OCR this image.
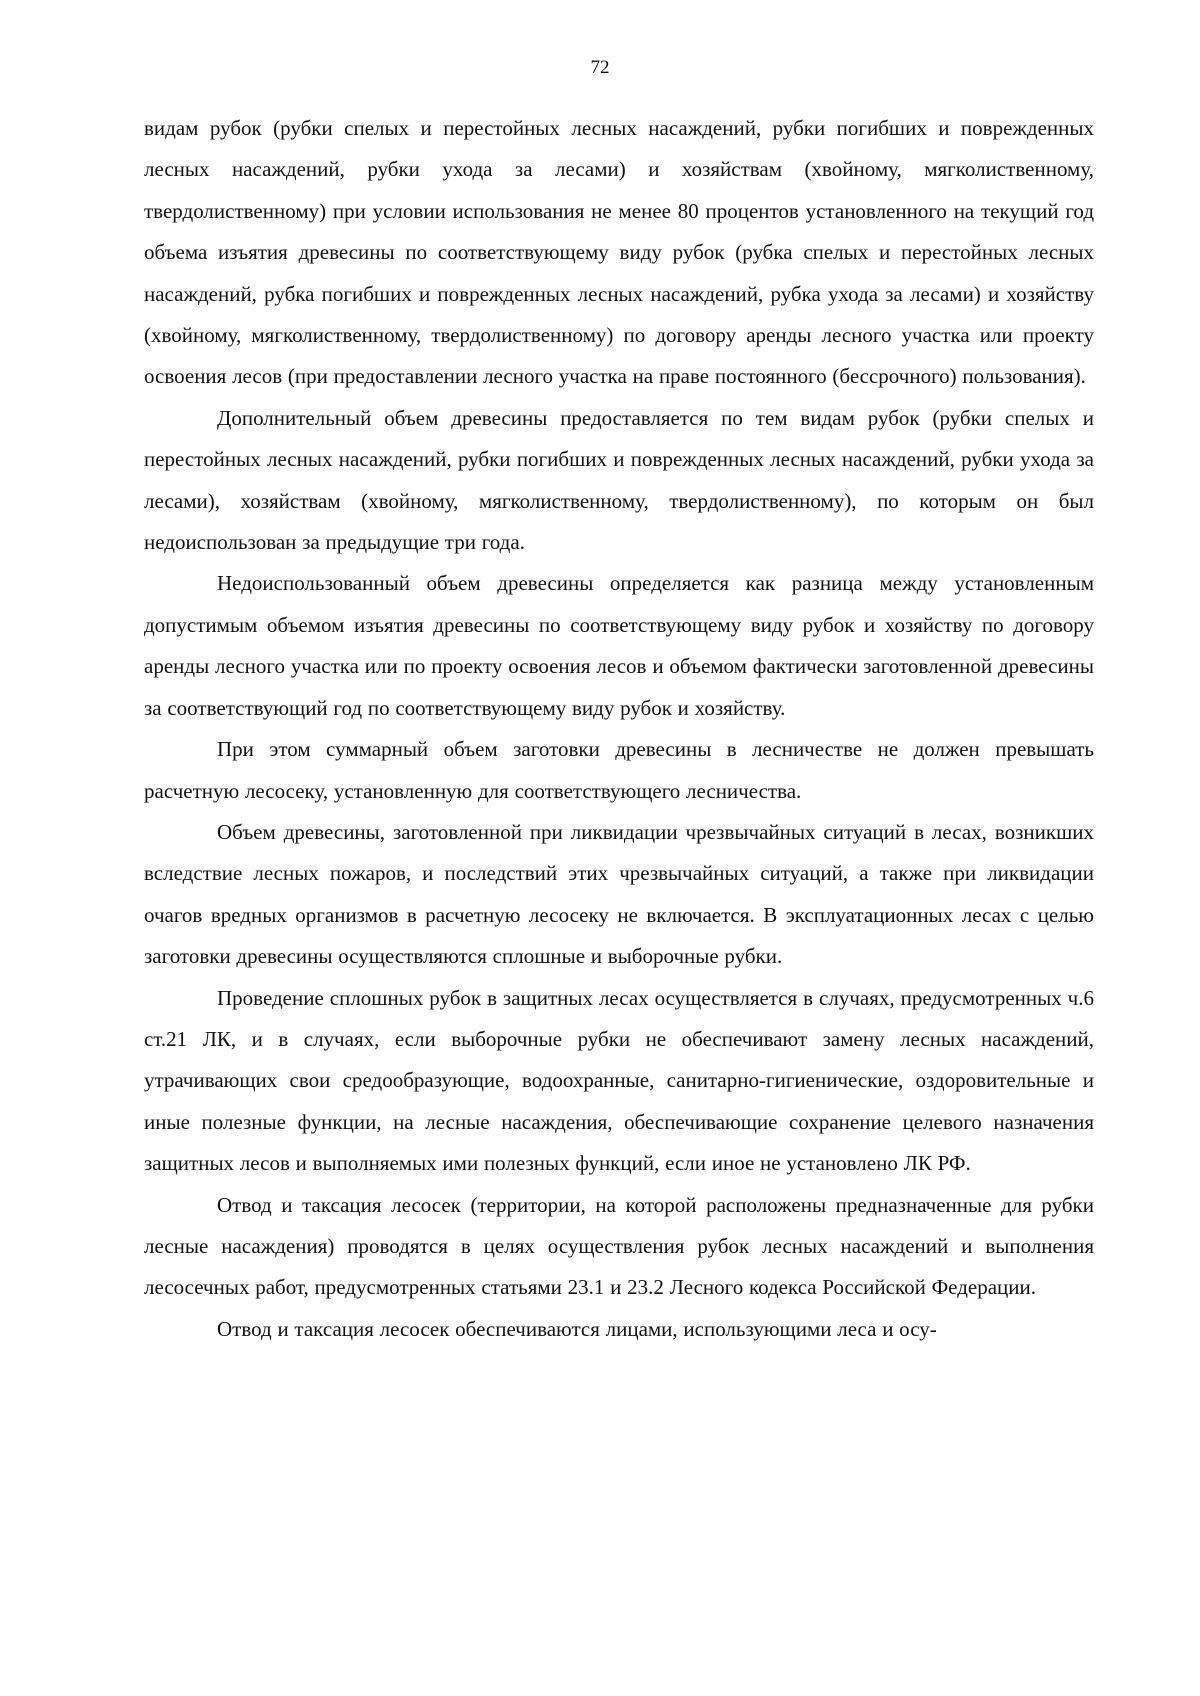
72

видам рубок (рубки спелых и перестойных лесных насаждений, рубки погибших и поврежденных лесных насаждений, рубки ухода за лесами) и хозяйствам (хвойному, мягколиственному, твердолиственному) при условии использования не менее 80 процентов установленного на текущий год объема изъятия древесины по соответствующему виду рубок (рубка спелых и перестойных лесных насаждений, рубка погибших и поврежденных лесных насаждений, рубка ухода за лесами) и хозяйству (хвойному, мягколиственному, твердолиственному) по договору аренды лесного участка или проекту освоения лесов (при предоставлении лесного участка на праве постоянного (бессрочного) пользования).

Дополнительный объем древесины предоставляется по тем видам рубок (рубки спелых и перестойных лесных насаждений, рубки погибших и поврежденных лесных насаждений, рубки ухода за лесами), хозяйствам (хвойному, мягколиственному, твердолиственному), по которым он был недоиспользован за предыдущие три года.

Недоиспользованный объем древесины определяется как разница между установленным допустимым объемом изъятия древесины по соответствующему виду рубок и хозяйству по договору аренды лесного участка или по проекту освоения лесов и объемом фактически заготовленной древесины за соответствующий год по соответствующему виду рубок и хозяйству.

При этом суммарный объем заготовки древесины в лесничестве не должен превышать расчетную лесосеку, установленную для соответствующего лесничества.

Объем древесины, заготовленной при ликвидации чрезвычайных ситуаций в лесах, возникших вследствие лесных пожаров, и последствий этих чрезвычайных ситуаций, а также при ликвидации очагов вредных организмов в расчетную лесосеку не включается. В эксплуатационных лесах с целью заготовки древесины осуществляются сплошные и выборочные рубки.

Проведение сплошных рубок в защитных лесах осуществляется в случаях, предусмотренных ч.6 ст.21 ЛК, и в случаях, если выборочные рубки не обеспечивают замену лесных насаждений, утрачивающих свои средообразующие, водоохранные, санитарно-гигиенические, оздоровительные и иные полезные функции, на лесные насаждения, обеспечивающие сохранение целевого назначения защитных лесов и выполняемых ими полезных функций, если иное не установлено ЛК РФ.

Отвод и таксация лесосек (территории, на которой расположены предназначенные для рубки лесные насаждения) проводятся в целях осуществления рубок лесных насаждений и выполнения лесосечных работ, предусмотренных статьями 23.1 и 23.2 Лесного кодекса Российской Федерации.

Отвод и таксация лесосек обеспечиваются лицами, использующими леса и осу-
